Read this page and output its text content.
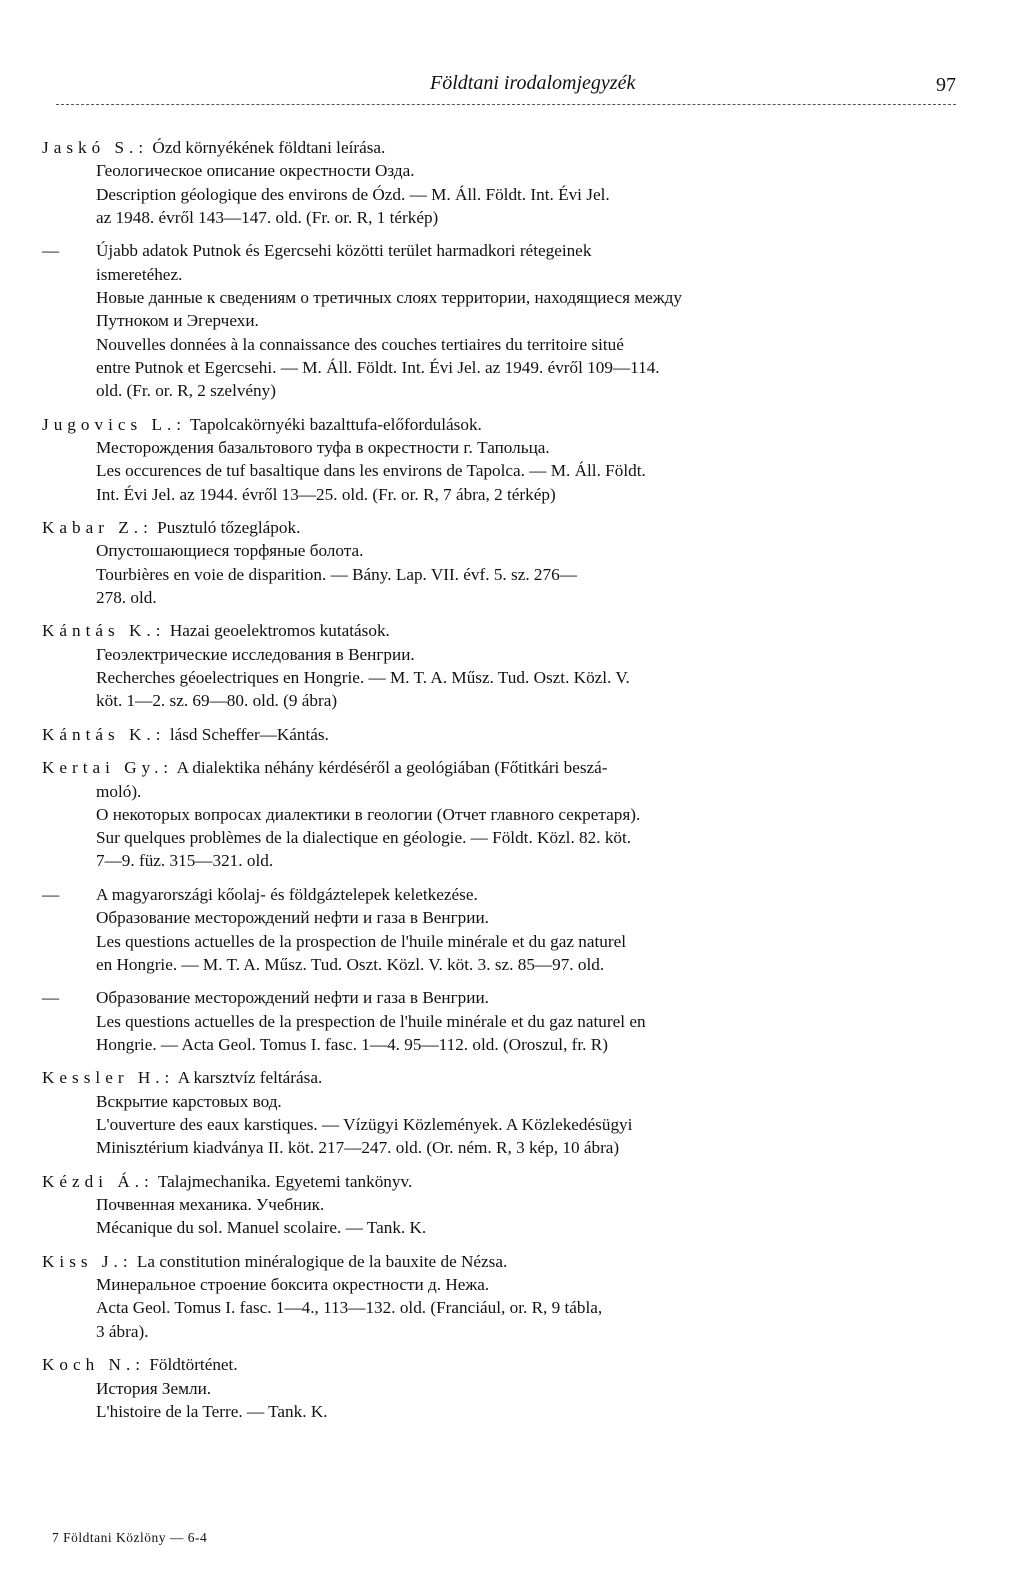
Földtani irodalomjegyzék	97
Jaskó S.: Ózd környékének földtani leírása.
Геологическое описание окрестности Озда.
Description géologique des environs de Ózd. — M. Áll. Földt. Int. Évi Jel.
az 1948. évről 143—147. old. (Fr. or. R, 1 térkép)
— Újabb adatok Putnok és Egercsehi közötti terület harmadkori rétegeinek
ismeretéhez.
Новые данные к сведениям о третичных слоях территории, находящиеся между
Путноком и Эгерчехи.
Nouvelles données à la connaissance des couches tertiaires du territoire situé
entre Putnok et Egercsehi. — M. Áll. Földt. Int. Évi Jel. az 1949. évről 109—114.
old. (Fr. or. R, 2 szelvény)
Jugovics L.: Tapolcakörnyéki bazalttufa-előfordulások.
Месторождения базальтового туфа в окрестности г. Тапольца.
Les occurences de tuf basaltique dans les environs de Tapolca. — M. Áll. Földt.
Int. Évi Jel. az 1944. évről 13—25. old. (Fr. or. R, 7 ábra, 2 térkép)
Kabar Z.: Pusztuló tőzeglápok.
Опустошающиеся торфяные болота.
Tourbières en voie de disparition. — Bány. Lap. VII. évf. 5. sz. 276—
278. old.
Kántás K.: Hazai geoelektromos kutatások.
Геоэлектрические исследования в Венгрии.
Recherches géoelectriques en Hongrie. — M. T. A. Műsz. Tud. Oszt. Közl. V.
köt. 1—2. sz. 69—80. old. (9 ábra)
Kántás K.: lásd Scheffer—Kántás.
Kertai Gy.: A dialektika néhány kérdéséről a geológiában (Főtitkári beszá-
moló).
О некоторых вопросах диалектики в геологии (Отчет главного секретаря).
Sur quelques problèmes de la dialectique en géologie. — Földt. Közl. 82. köt.
7—9. füz. 315—321. old.
— A magyarországi kőolaj- és földgáztelepek keletkezése.
Образование месторождений нефти и газа в Венгрии.
Les questions actuelles de la prospection de l'huile minérale et du gaz naturel
en Hongrie. — M. T. A. Műsz. Tud. Oszt. Közl. V. köt. 3. sz. 85—97. old.
— Образование месторождений нефти и газа в Венгрии.
Les questions actuelles de la prespection de l'huile minérale et du gaz naturel en
Hongrie. — Acta Geol. Tomus I. fasc. 1—4. 95—112. old. (Oroszul, fr. R)
Kessler H.: A karsztvíz feltárása.
Вскрытие карстовых вод.
L'ouverture des eaux karstiques. — Vízügyi Közlemények. A Közlekedésügyi
Minisztérium kiadványa II. köt. 217—247. old. (Or. ném. R, 3 kép, 10 ábra)
Kézdi Á.: Talajmechanika. Egyetemi tankönyv.
Почвенная механика. Учебник.
Mécanique du sol. Manuel scolaire. — Tank. K.
Kiss J.: La constitution minéralogique de la bauxite de Nézsa.
Минеральное строение боксита окрестности д. Нежа.
Acta Geol. Tomus I. fasc. 1—4., 113—132. old. (Franciául, or. R, 9 tábla,
3 ábra).
Koch N.: Földtörténet.
История Земли.
L'histoire de la Terre. — Tank. K.
7 Földtani Közlöny — 6-4
